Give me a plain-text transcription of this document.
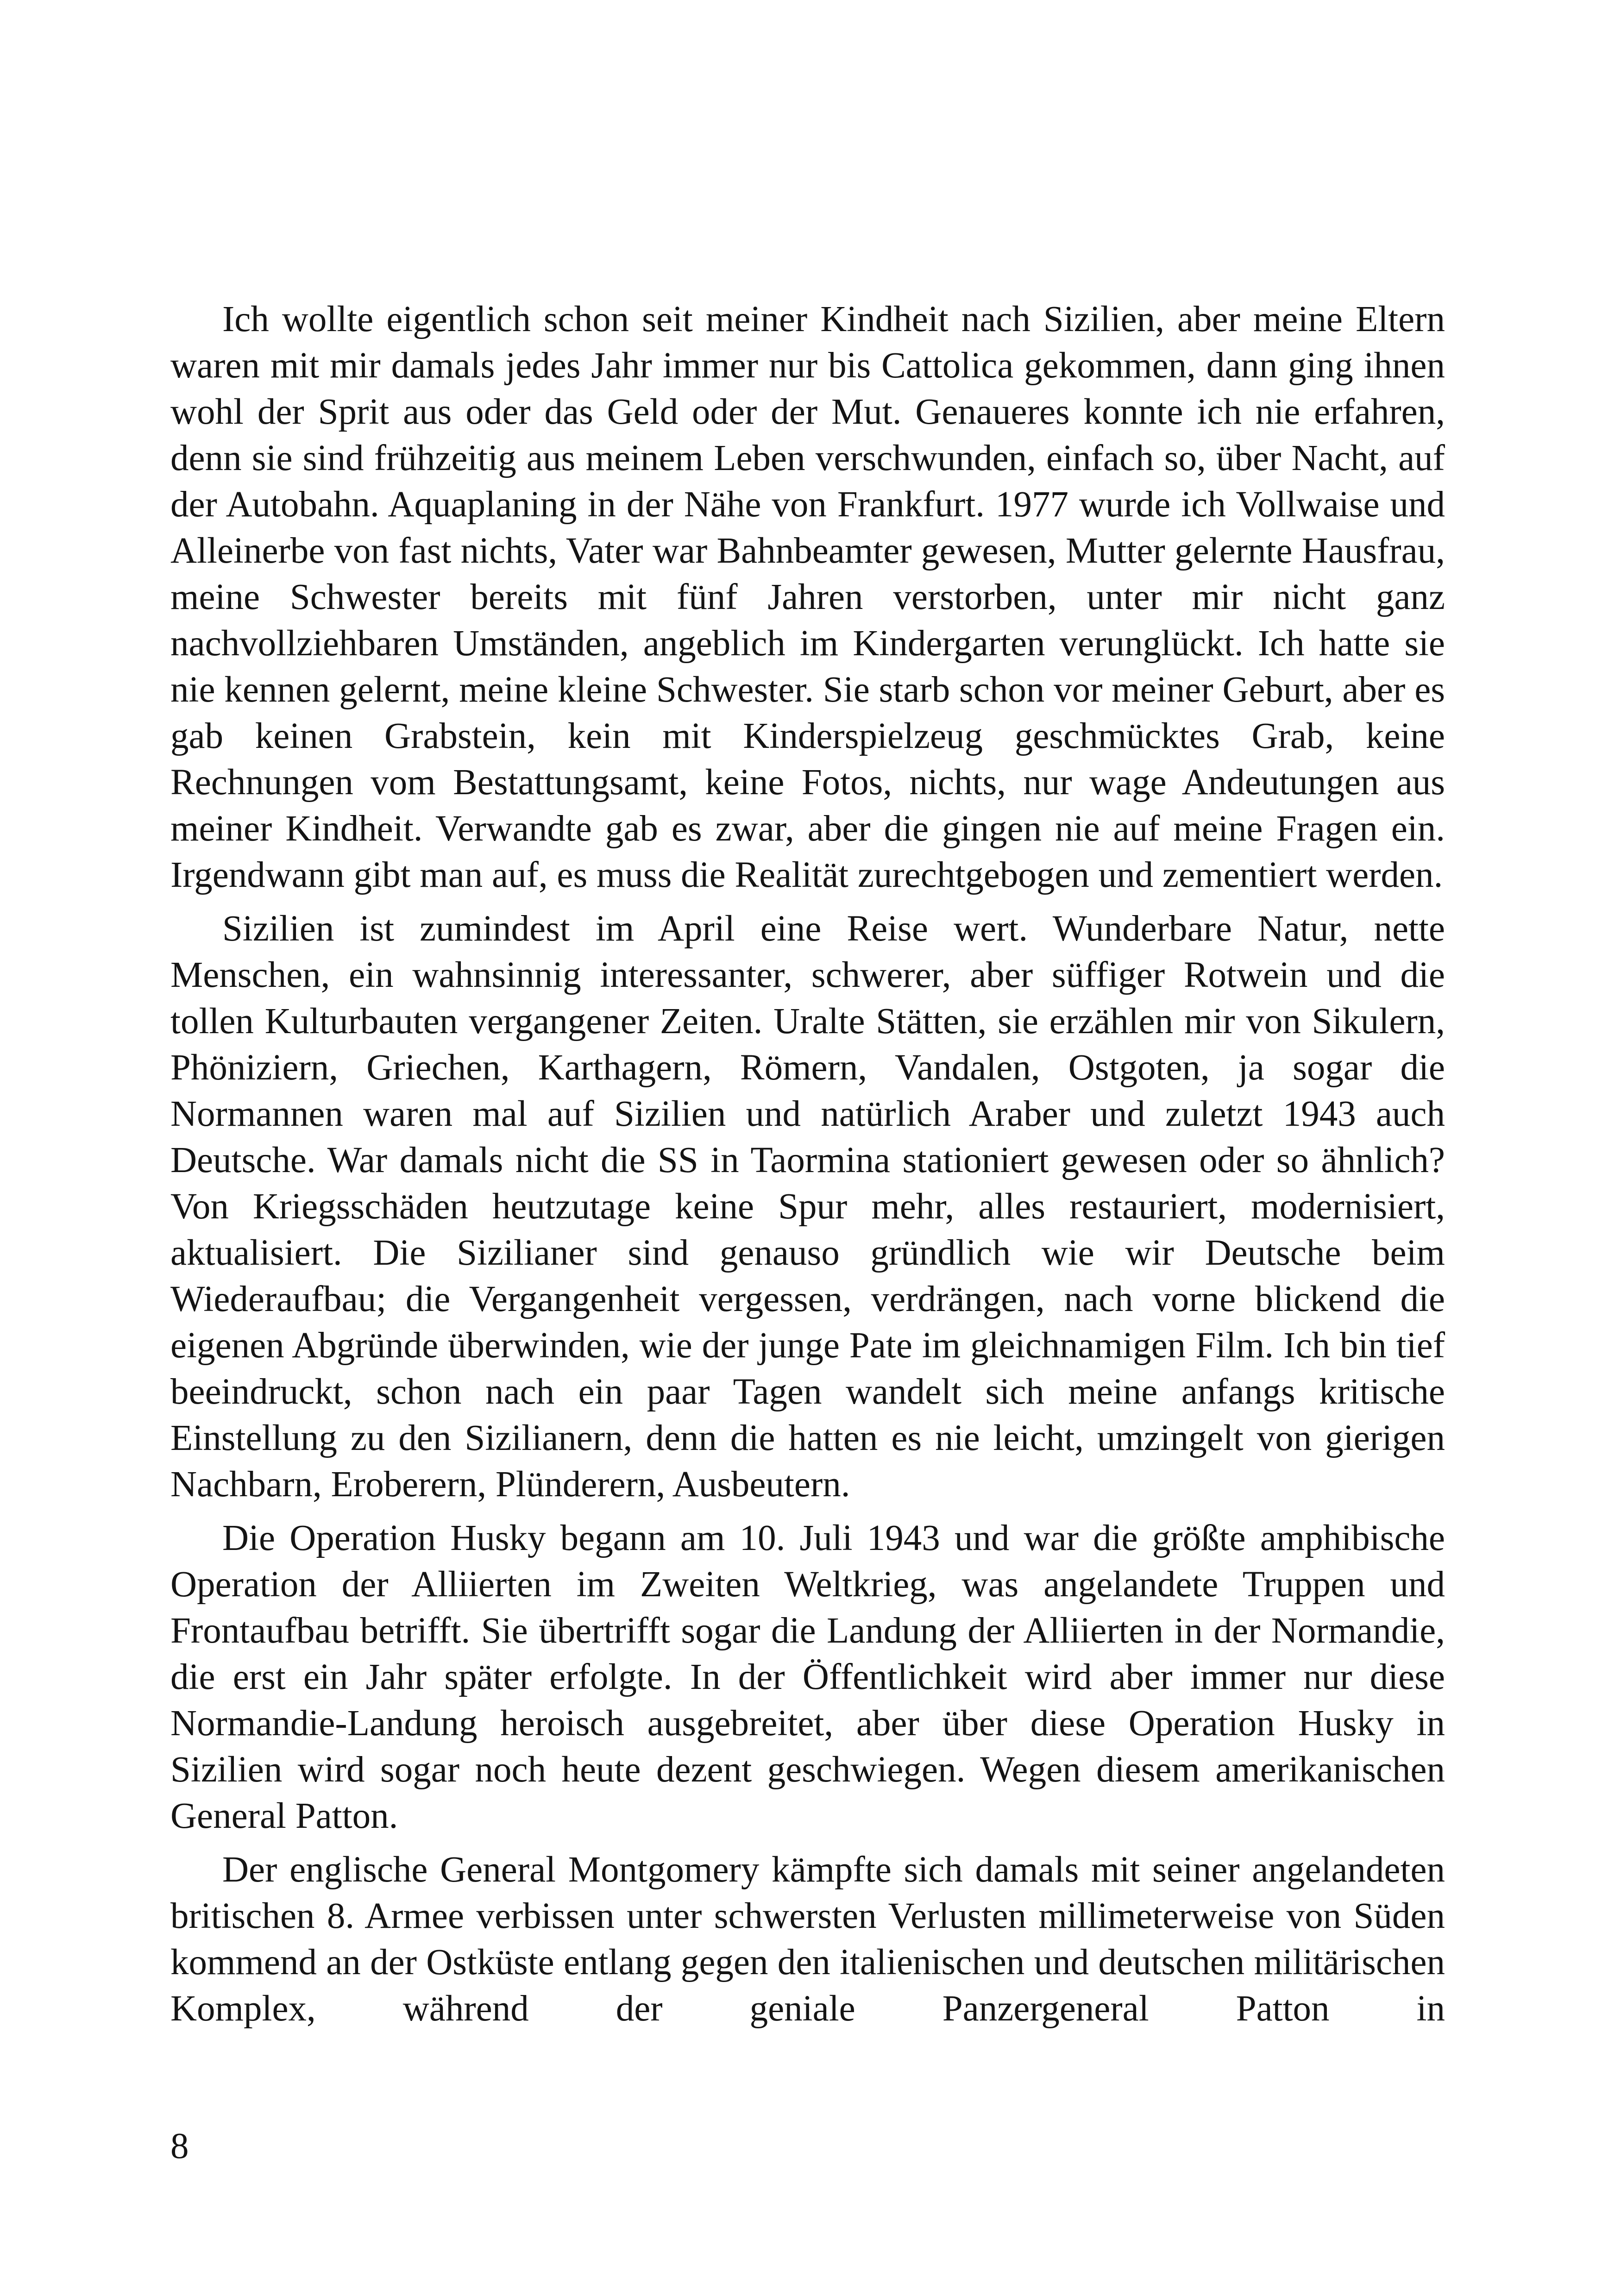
Ich wollte eigentlich schon seit meiner Kindheit nach Sizilien, aber meine Eltern waren mit mir damals jedes Jahr immer nur bis Cattolica gekommen, dann ging ihnen wohl der Sprit aus oder das Geld oder der Mut. Genaueres konnte ich nie erfahren, denn sie sind frühzeitig aus meinem Leben verschwunden, einfach so, über Nacht, auf der Autobahn. Aquaplaning in der Nähe von Frankfurt. 1977 wurde ich Vollwaise und Alleinerbe von fast nichts, Vater war Bahnbeamter gewesen, Mutter gelernte Hausfrau, meine Schwester bereits mit fünf Jahren verstorben, unter mir nicht ganz nachvollziehbaren Umständen, angeblich im Kindergarten verunglückt. Ich hatte sie nie kennen gelernt, meine kleine Schwester. Sie starb schon vor meiner Geburt, aber es gab keinen Grabstein, kein mit Kinderspielzeug geschmücktes Grab, keine Rechnungen vom Bestattungsamt, keine Fotos, nichts, nur wage Andeutungen aus meiner Kindheit. Verwandte gab es zwar, aber die gingen nie auf meine Fragen ein. Irgendwann gibt man auf, es muss die Realität zurechtgebogen und zementiert werden.

Sizilien ist zumindest im April eine Reise wert. Wunderbare Natur, nette Menschen, ein wahnsinnig interessanter, schwerer, aber süffiger Rotwein und die tollen Kulturbauten vergangener Zeiten. Uralte Stätten, sie erzählen mir von Sikulern, Phöniziern, Griechen, Karthagern, Römern, Vandalen, Ostgoten, ja sogar die Normannen waren mal auf Sizilien und natürlich Araber und zuletzt 1943 auch Deutsche. War damals nicht die SS in Taormina stationiert gewesen oder so ähnlich? Von Kriegsschäden heutzutage keine Spur mehr, alles restauriert, modernisiert, aktualisiert. Die Sizilianer sind genauso gründlich wie wir Deutsche beim Wiederaufbau; die Vergangenheit vergessen, verdrängen, nach vorne blickend die eigenen Abgründe überwinden, wie der junge Pate im gleichnamigen Film. Ich bin tief beeindruckt, schon nach ein paar Tagen wandelt sich meine anfangs kritische Einstellung zu den Sizilianern, denn die hatten es nie leicht, umzingelt von gierigen Nachbarn, Eroberern, Plünderern, Ausbeutern.

Die Operation Husky begann am 10. Juli 1943 und war die größte amphibische Operation der Alliierten im Zweiten Weltkrieg, was angelandete Truppen und Frontaufbau betrifft. Sie übertrifft sogar die Landung der Alliierten in der Normandie, die erst ein Jahr später erfolgte. In der Öffentlichkeit wird aber immer nur diese Normandie-Landung heroisch ausgebreitet, aber über diese Operation Husky in Sizilien wird sogar noch heute dezent geschwiegen. Wegen diesem amerikanischen General Patton.

Der englische General Montgomery kämpfte sich damals mit seiner angelandeten britischen 8. Armee verbissen unter schwersten Verlusten millimeterweise von Süden kommend an der Ostküste entlang gegen den italienischen und deutschen militärischen Komplex, während der geniale Panzergeneral Patton in

8
